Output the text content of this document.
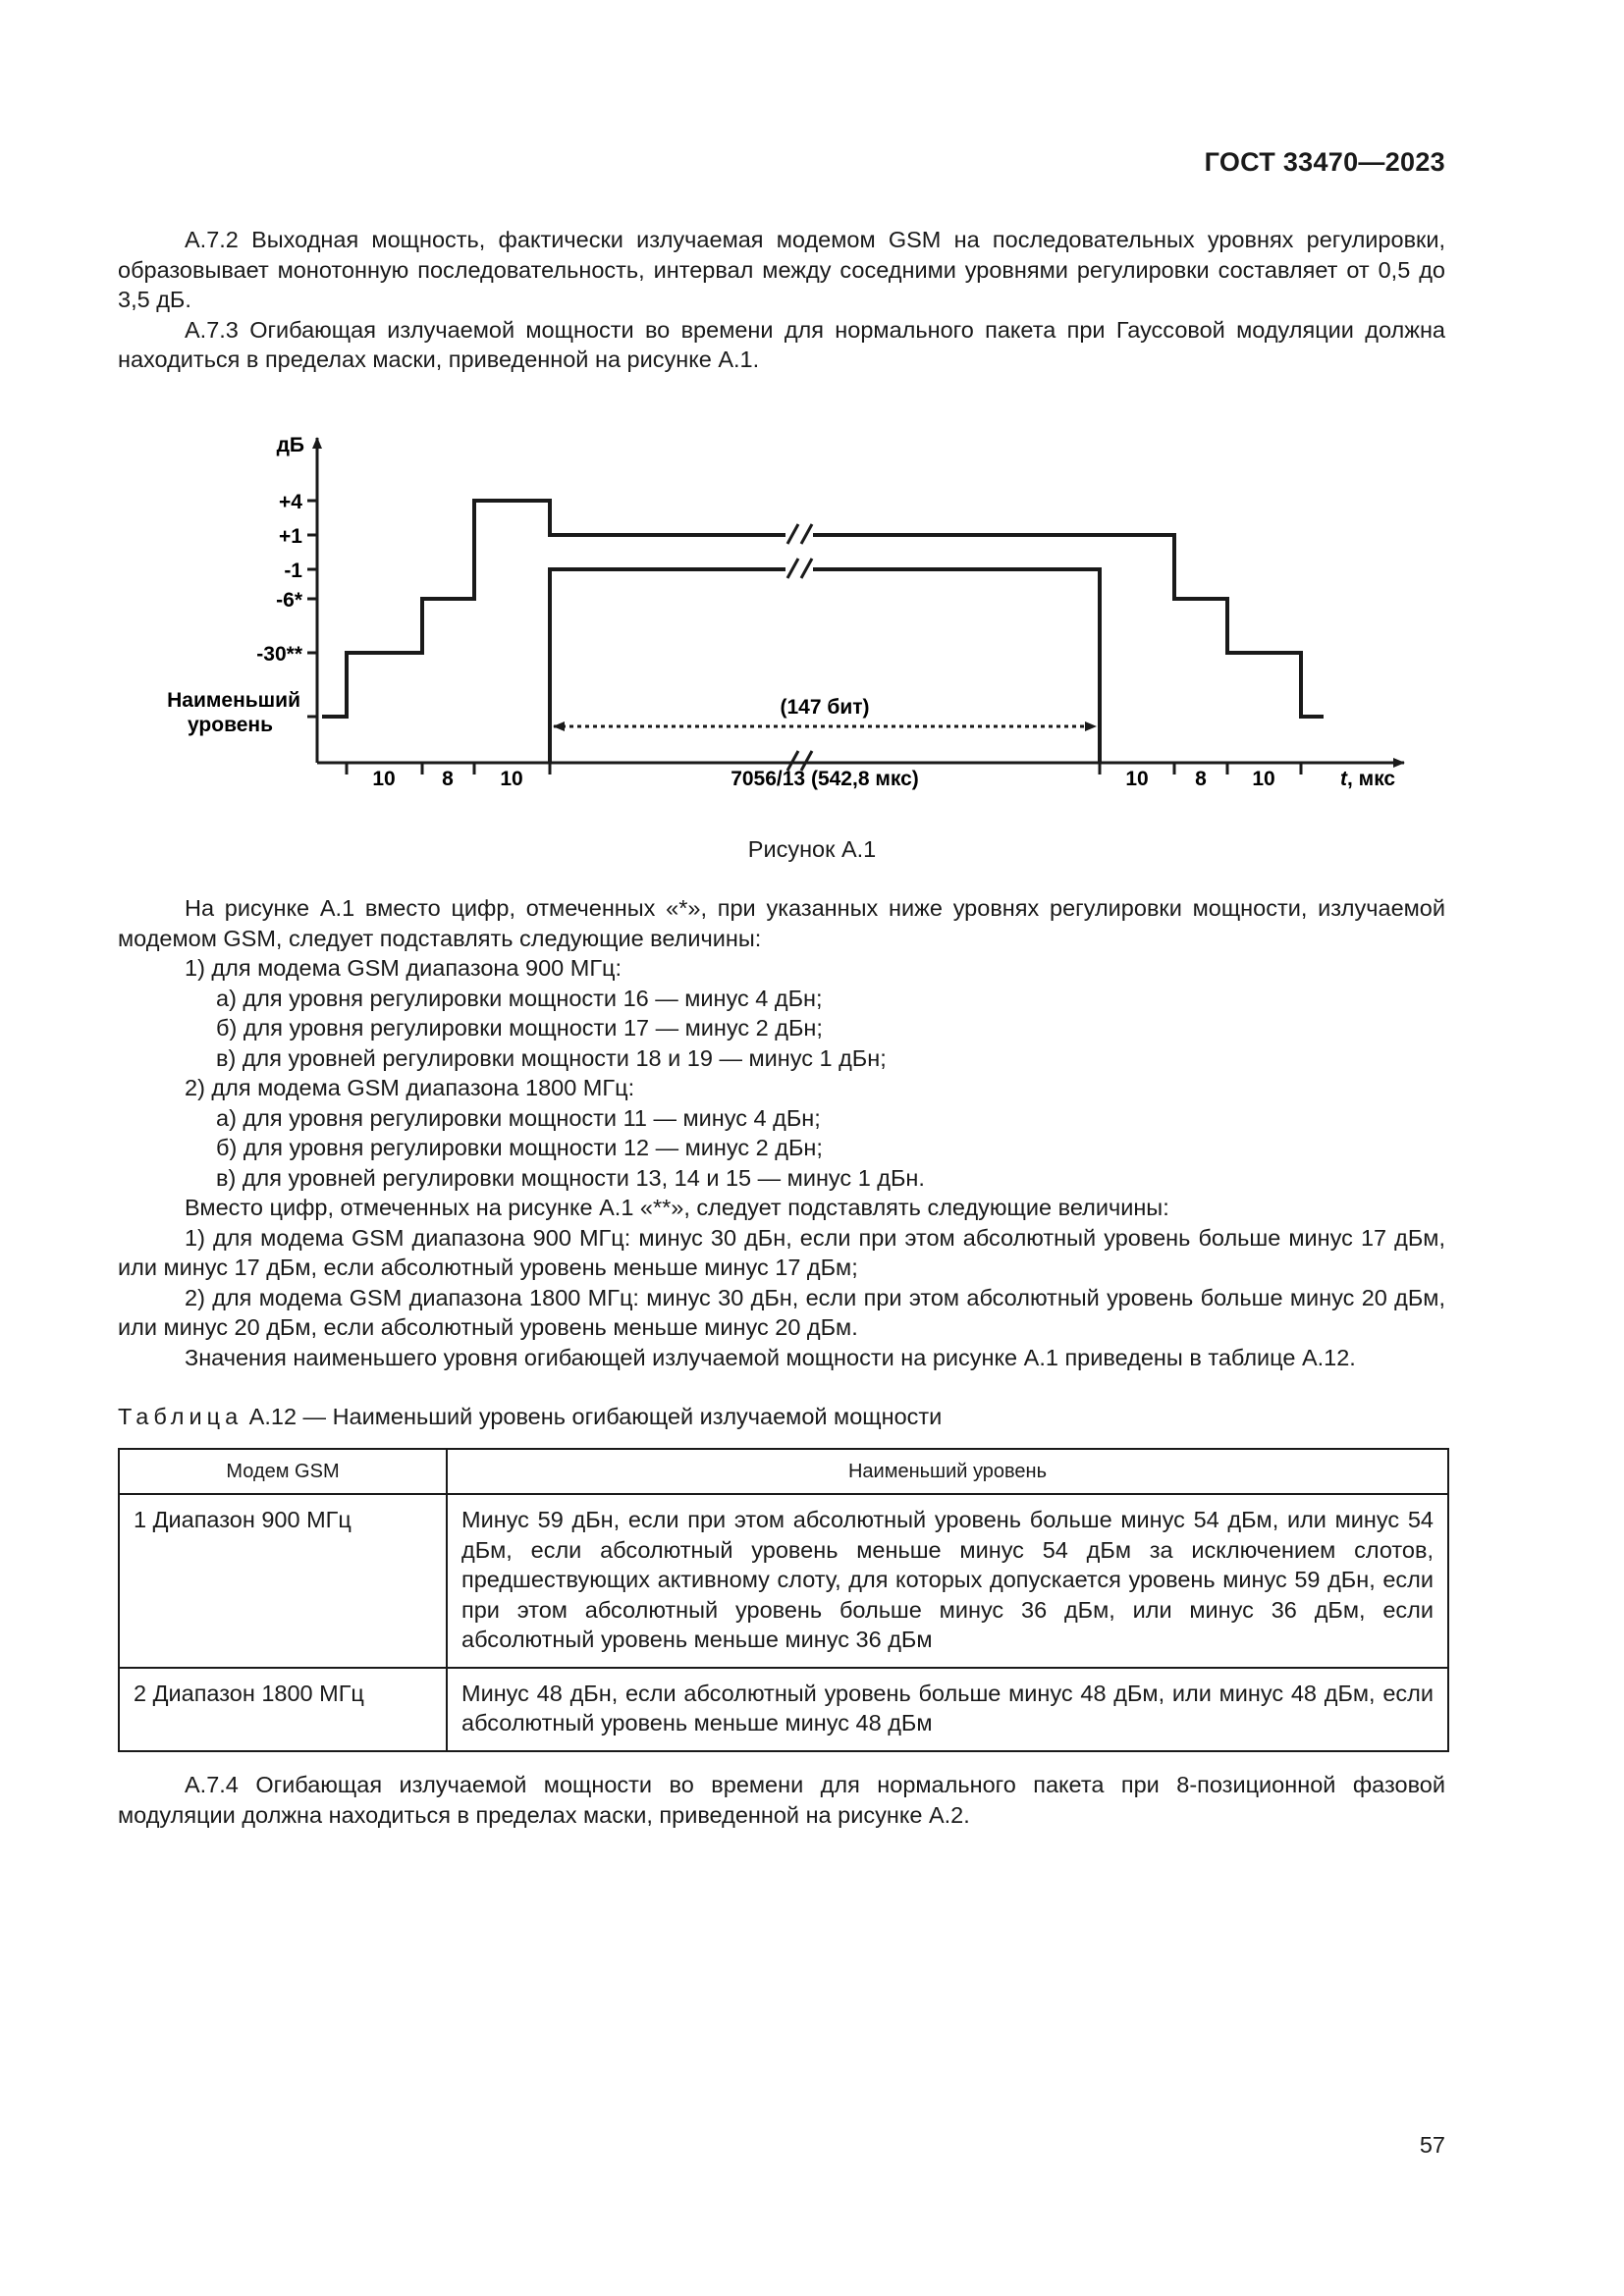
ГОСТ 33470—2023

А.7.2 Выходная мощность, фактически излучаемая модемом GSM на последовательных уровнях регулировки, образовывает монотонную последовательность, интервал между соседними уровнями регулировки составляет от 0,5 до 3,5 дБ.

А.7.3 Огибающая излучаемой мощности во времени для нормального пакета при Гауссовой модуляции должна находиться в пределах маски, приведенной на рисунке А.1.

дБ
+4
+1
-1
-6*
-30**
Наименьший
уровень
(147 бит)
10 8 10	7056/13 (542,8 мкс)	10 8 10	t, мкс
Рисунок А.1

На рисунке А.1 вместо цифр, отмеченных «*», при указанных ниже уровнях регулировки мощности, излучаемой модемом GSM, следует подставлять следующие величины:

1) для модема GSM диапазона 900 МГц:

а) для уровня регулировки мощности 16 — минус 4 дБн;

б) для уровня регулировки мощности 17 — минус 2 дБн;

в) для уровней регулировки мощности 18 и 19 — минус 1 дБн;

2) для модема GSM диапазона 1800 МГц:

а) для уровня регулировки мощности 11 — минус 4 дБн;

б) для уровня регулировки мощности 12 — минус 2 дБн;

в) для уровней регулировки мощности 13, 14 и 15 — минус 1 дБн.

Вместо цифр, отмеченных на рисунке А.1 «**», следует подставлять следующие величины:

1) для модема GSM диапазона 900 МГц: минус 30 дБн, если при этом абсолютный уровень больше минус 17 дБм, или минус 17 дБм, если абсолютный уровень меньше минус 17 дБм;

2) для модема GSM диапазона 1800 МГц: минус 30 дБн, если при этом абсолютный уровень больше минус 20 дБм, или минус 20 дБм, если абсолютный уровень меньше минус 20 дБм.

Значения наименьшего уровня огибающей излучаемой мощности на рисунке А.1 приведены в таблице А.12.

Таблица А.12 — Наименьший уровень огибающей излучаемой мощности
Модем GSM	Наименьший уровень
1 Диапазон 900 МГц	Минус 59 дБн, если при этом абсолютный уровень больше минус 54 дБм, или минус 54 дБм, если абсолютный уровень меньше минус 54 дБм за исключением слотов, предшествующих активному слоту, для которых допускается уровень минус 59 дБн, если при этом абсолютный уровень больше минус 36 дБм, или минус 36 дБм, если абсолютный уровень меньше минус 36 дБм
2 Диапазон 1800 МГц	Минус 48 дБн, если абсолютный уровень больше минус 48 дБм, или минус 48 дБм, если абсолютный уровень меньше минус 48 дБм

А.7.4 Огибающая излучаемой мощности во времени для нормального пакета при 8-позиционной фазовой модуляции должна находиться в пределах маски, приведенной на рисунке А.2.

57
